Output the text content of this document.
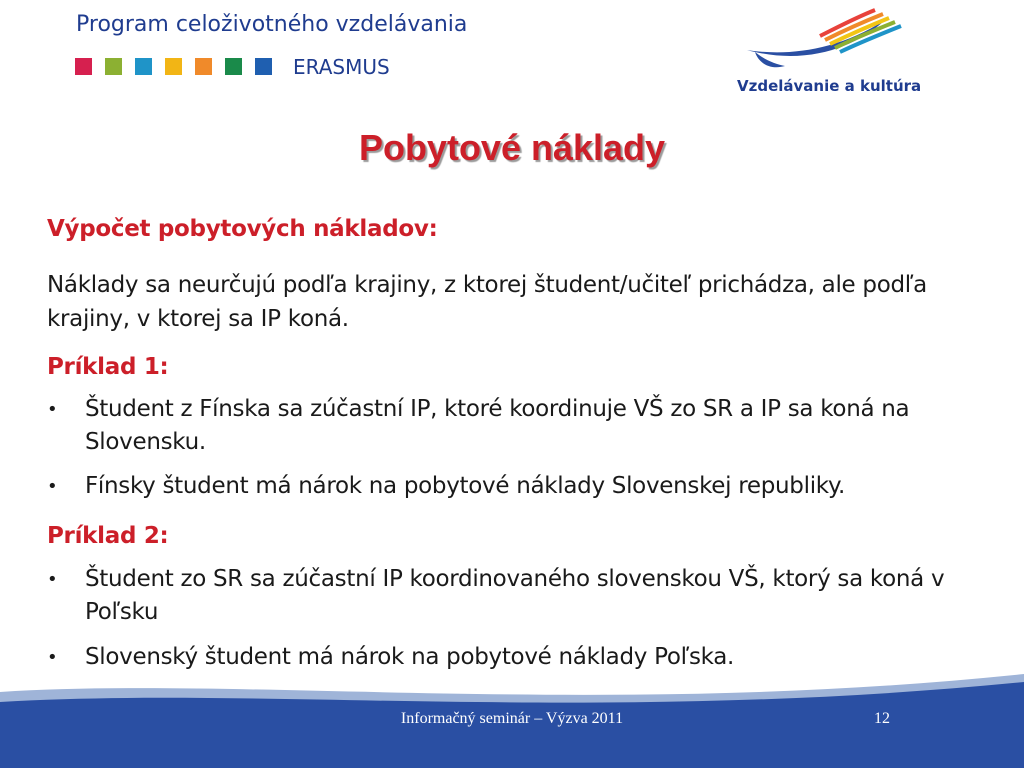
Program celoživotného vzdelávania
ERASMUS
Vzdelávanie a kultúra
Pobytové náklady
Výpočet pobytových nákladov:
Náklady sa neurčujú podľa krajiny, z ktorej študent/učiteľ prichádza, ale podľa krajiny, v ktorej sa IP koná.
Príklad 1:
•	Študent z Fínska sa zúčastní IP, ktoré koordinuje VŠ zo SR a IP sa koná na Slovensku.
•	Fínsky študent má nárok na pobytové náklady Slovenskej republiky.
Príklad 2:
•	Študent zo SR sa zúčastní IP koordinovaného slovenskou VŠ, ktorý sa koná v Poľsku
•	Slovenský študent má nárok na pobytové náklady Poľska.
Informačný seminár – Výzva 2011	12
